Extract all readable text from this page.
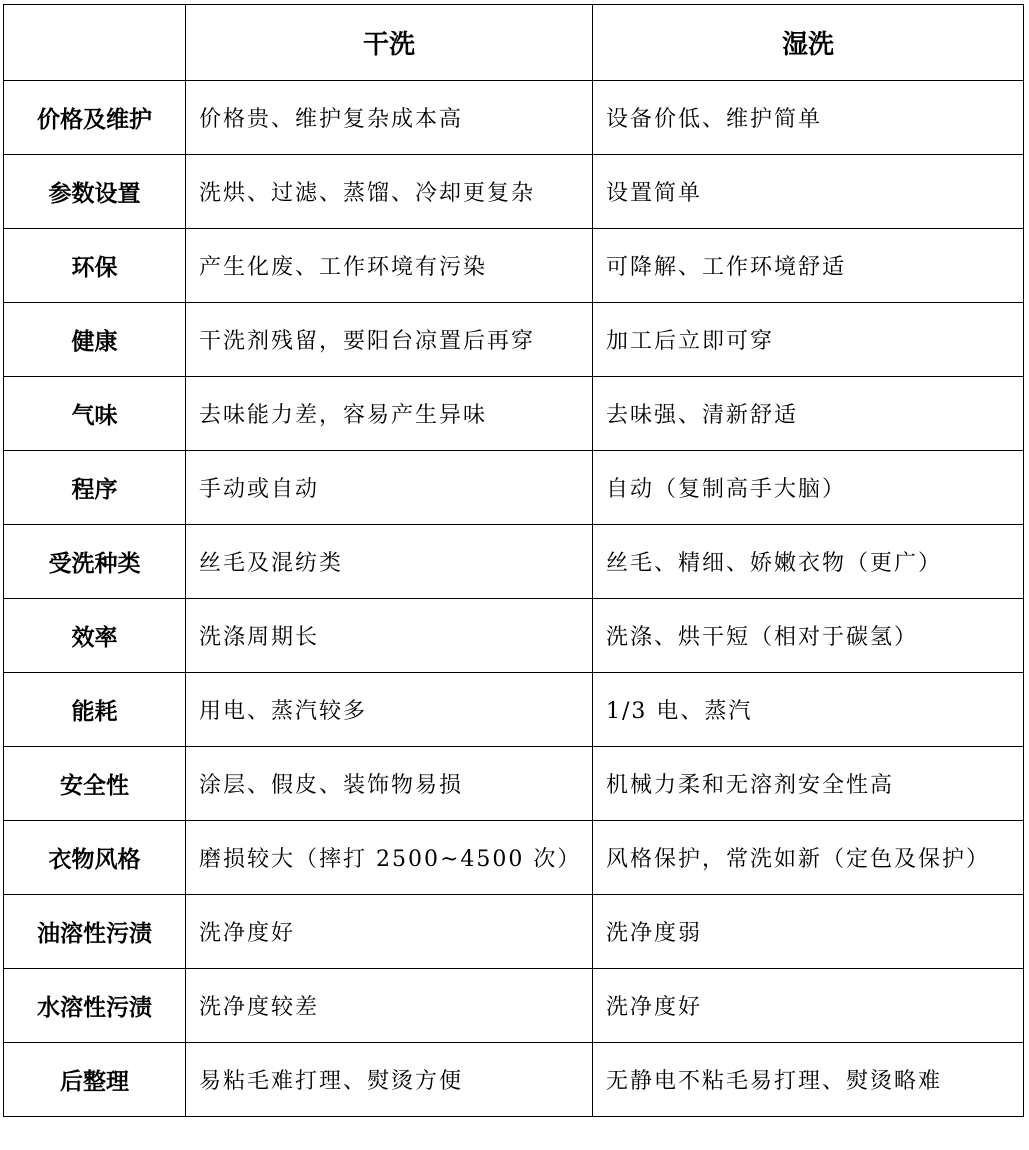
	干洗	湿洗
价格及维护	价格贵、维护复杂成本高	设备价低、维护简单
参数设置	洗烘、过滤、蒸馏、冷却更复杂	设置简单
环保	产生化废、工作环境有污染	可降解、工作环境舒适
健康	干洗剂残留，要阳台凉置后再穿	加工后立即可穿
气味	去味能力差，容易产生异味	去味强、清新舒适
程序	手动或自动	自动（复制高手大脑）
受洗种类	丝毛及混纺类	丝毛、精细、娇嫩衣物（更广）
效率	洗涤周期长	洗涤、烘干短（相对于碳氢）
能耗	用电、蒸汽较多	1/3 电、蒸汽
安全性	涂层、假皮、装饰物易损	机械力柔和无溶剂安全性高
衣物风格	磨损较大（摔打 2500~4500 次）	风格保护，常洗如新（定色及保护）
油溶性污渍	洗净度好	洗净度弱
水溶性污渍	洗净度较差	洗净度好
后整理	易粘毛难打理、熨烫方便	无静电不粘毛易打理、熨烫略难
